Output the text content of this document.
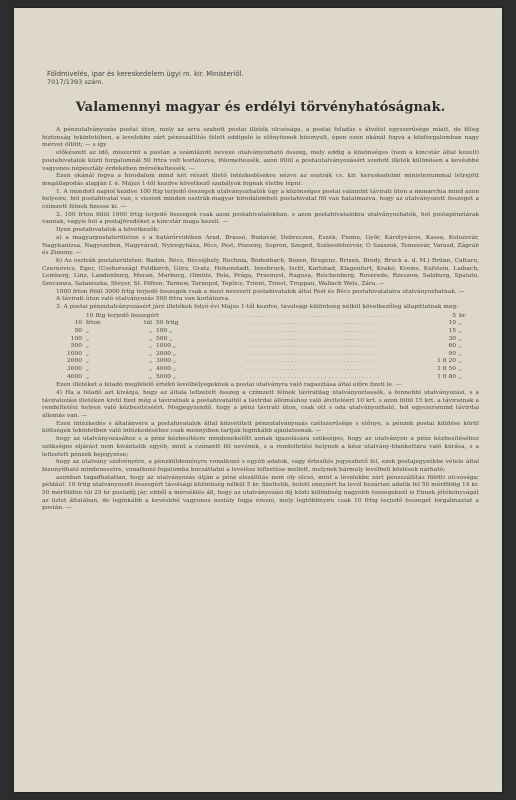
Földmivelés, ipar és kereskedelem ügyi m. kir. Ministeriől.
7017/1393 szám.
Valamennyi magyar és erdélyi törvényhatóságnak.

A pénzutalványozás postai úton, mely az arra szabott postai illeték olcsósága, a postai feladás s átvétel egyszerűsége miatt, de főleg biztonság tekintetében, a levelekbe zárt pénzszállítás felett eddigelé is előnyösnek bizonyult, épen ezen okánál fogva a közforgalomban nagy mérvet öltött; — s így

előkészett az idő, miszerint a postán a számlázott neveze utalványozható összeg, mely eddig a közönséges (nem a kincstár által kezelt) postahivatalok közti forgalomnál 50 frtra volt korlátozva, fölemeltessék, azon fölül a postautalványozásért szedett illeték különösen a kevésbbé vagyonos népesztály érdekében mérsékeltessék. —

Ezen okánál fogva a birodalom mind két részét illető intézkedésekre nézve az osztrák cs. kir. kereskedelmi ministeriummal létrejött megállapodás alapján f. é. Május 1-től kezdve következő szabályok fognak életbe lépni:

1. A mondott napiol kezdve 100 ftig terjedő összegek utalványozhatók úgy a közönséges postai valamint távirati úton a monarchia mind azon helyeire, hol postahivatal van, s viszont minden osztrák-magyar birodalombeli postahivatal föl van hatalmazva, hogy az utalványozott összeget a czímzett félnek fizesse ki. —

2. 100 frton fölül 1000 frtig terjedő összegek csak azon postahivatalokban, s azon postahivatalokra utalványozhatók, hol postapénztárak vannak, vagyis hol a postajövedéket a kincstár maga kezeli. —

Ilyen postahivatalok a következők:

a) a magyarpostaterületen s a határőrvidéken Arad, Brassó, Budavár, Debreczen, Eszék, Fiume, Győr, Károlyváros, Kassa, Kolozsvár, Nagykanizsa, Nagyszeben, Nagyvárad, Nyiregyháza, Pécs, Pest, Pozsony, Sopron, Szeged, Székesfehérvár, Ó Szászok, Temesvár, Varasd, Zágráb és Zimony. —

b) Az osztrák postaterületen: Baden, Bécs, Bécsújhely, Bochnia, Bodenbach, Bozen, Bregenz, Brixen, Brody, Bruck a. d. M.) Brünn, Cattaro, Czernovicz, Eger, (Csehország) Feldkirch, Görz, Gratz, Hohenstadt, Innsbruck, Ischl, Karlsbad, Klagenfurt, Krakó, Krems, Kufstein, Laibach, Lemberg, Linz, Landenburg, Meran, Marburg, Olmütz, Pola, Prága, Przemysl, Ragusa, Reichenberg, Roveredo, Rzeszow, Salzburg, Spalato, Szeczawa, Sataniszka, Steyer, St. Pölten, Tarnow, Tarnopol, Teplicz, Trient, Triest, Troppau, Wallach Wels, Zára. —

1000 frton fölül 3000 frtig terjedő összegek csak a most nevezett postahivatalok által Pest és Bécs postahivatalaira utalványozhatnak. —

A távirati úton való utalványozás 500 frtra van korlátozva.

3. A postai pénzutalványozásért járó illetékek folyó évi Május 1-től kezdve, távolsági különbség nélkül következőleg állapíttatnak meg:

10 ftig terjedő összegért	. . . . . . . . . . . . . . . . . . . . . . . . . . . . . . . . . . . . . . . . . . . . . . . . . .	5 kr.
10 frton	túl 50 frtig	. . . . . . . . . . . . . . . . . . . . . . . . . . . . . . . . . . . .	10 „
50 „	„ 100 „	. . . . . . . . . . . . . . . . . . . . . . . . . . . . . . . . . . . .	15 „
100 „	„ 500 „	. . . . . . . . . . . . . . . . . . . . . . . . . . . . . . . . . . . .	30 „
500 „	„ 1000 „	. . . . . . . . . . . . . . . . . . . . . . . . . . . . . . . . . . . .	60 „
1000 „	„ 2000 „	. . . . . . . . . . . . . . . . . . . . . . . . . . . . . . . . . . . .	90 „
2000 „	„ 3000 „	. . . . . . . . . . . . . . . . . . . . . . . . . . . . . . . . . . . .	1 fl 20 „
3000 „	„ 4000 „	. . . . . . . . . . . . . . . . . . . . . . . . . . . . . . . . . . . .	1 fl 50 „
4000 „	„ 5000 „	. . . . . . . . . . . . . . . . . . . . . . . . . . . . . . . . . . . .	1 fl 80 „

Ezen illetéket a feladó megfelelő értékü levélbélyegeknek a postai utalványra való ragasztása által előre fizeti le. —

4) Ha a feladó azt kivánja, hogy az általa leflzetett összeg a czímzett félnek táviratilag utalványoztassék, a fennebbi utalványozási, s a táviratozási illetéken kivül fizet még a táviratnak a postahivataltól a távirdai állomáshoz való átviteléért 10 krt. s azon fölül 15 krt. a táviratnak a rendeltetési helyen való kézbesítéséért. Megjegyzendő, hogy a pénz távirati úton, csak ott s oda utalványozható, hol egyszersmind távirdai állomás van. —

Ezen intézkedés s általánvére a postahivatalok által közvetített pénzutalványozás czélszerűsége s előnye, a pénzek postai küldése körül költségek tekintetben való intézkedéséhez csak mennyiben tartják leginkább ajánlatosnak. —

hogy az utalványozásához s a pénz kézbesítésre mindenekelőtt annak igazolására szükséges, hogy az utalványon a pénz kézbesítéséhez szükséges eljárást nem kivántatik egyéb, mint a czímzett fél nevének, s a rendeltetési helynek a kész utalvány-blankettára való kiírása, s a leflzetett pénzek bejegyzése;

hogy az utalvány szelvényére, a pénzküldeményre vonatkozó s egyéb adatok, vagy értesítés jegyezhető fel, ezek postajegyzékbe vétele által bizonyítható mindenesetre, vonatkozó fogalomba bocsáttatni a levelész leflzetése mellett, melynek bármely levélbeli közlések nárható;

azonban tagadhatatlan, hogy az utalványozás útján a pénz elszállítás nem oly olcsó, mint a levelekbe zárt pénzszállítás fölötti olcsósága; például: 10 frtig utalványozott összegért távolsági különbség nélkül 5 kr. fizettetik, holott ennyiért ha levél bezártan adatik fel 50 mérföldig 14 kr. 50 mérföldön túl 25 kr postadíj jár; ebből a mérséklés áll, hogy az utalványozási díj közti különbség nagyobb összegeknél is Ennek jótékonyságát az üzlet általában, de leginkább a kevésbbé vagyonos osztály fogja érezni, mely legtöbbnyire csak 10 frtig terjedő összeget forgalmaztat a postán. —
